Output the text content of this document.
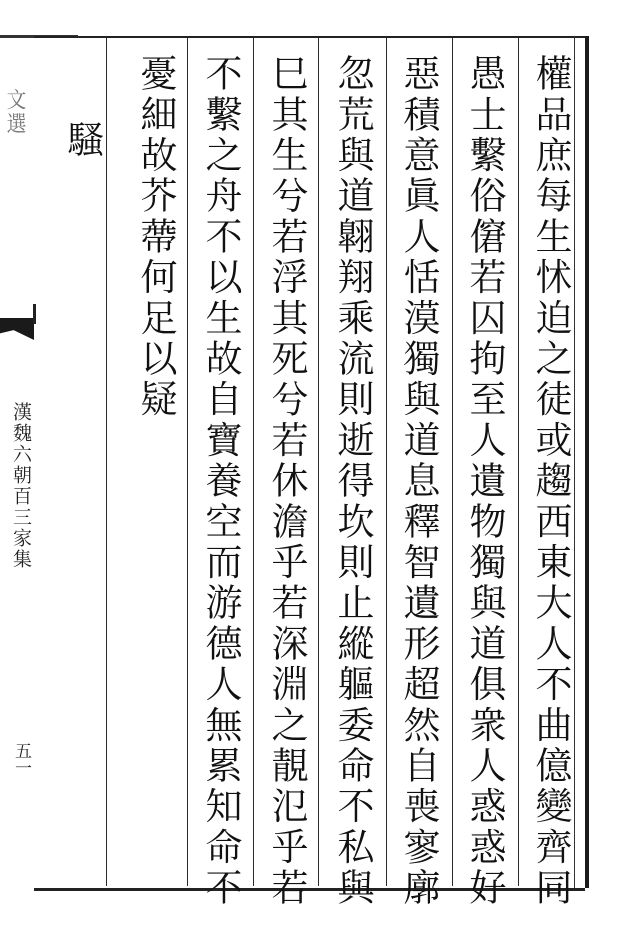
文選
漢魏六朝百三家集
五一	權品庶每生怵迫之徒或趨西東大人不曲億變齊同
愚士繫俗僒若囚拘至人遺物獨與道俱衆人惑惑好
惡積意眞人恬漠獨與道息釋智遺形超然自喪寥廓
忽荒與道翺翔乘流則逝得坎則止縱軀委命不私與
巳其生兮若浮其死兮若休澹乎若深淵之靚氾乎若
不繫之舟不以生故自寶養空而游德人無累知命不
憂細故芥蔕何足以疑
騷
